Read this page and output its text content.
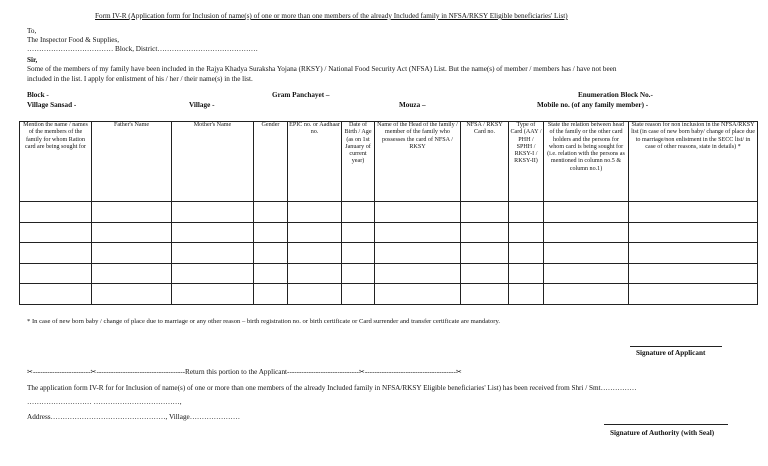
Form IV-R (Application form for Inclusion of name(s) of one or more than one members of the already Included family in NFSA/RKSY Eligible beneficiaries' List)
To,
The Inspector Food & Supplies,
……………………………… Block, District……………………………………
Sir,
Some of the members of my family have been included in the Rajya Khadya Suraksha Yojana (RKSY) / National Food Security Act (NFSA) List. But the name(s) of member / members has / have not been
included in the list. I apply for enlistment of his / her / their name(s) in the list.
Block -	Gram Panchayet –	Enumeration Block No.-
Village Sansad -	Village -	Mouza –	Mobile no. (of any family member) -
Mention the name / names of the members of the family for whom Ration card are being sought for	Father's Name	Mother's Name	Gender	EPIC no. or Aadhaar no.	Date of Birth / Age (as on 1st January of current year)	Name of the Head of the family / member of the family who possesses the card of NFSA / RKSY	NFSA / RKSY Card no.	Type of Card (AAY / PHH / SPHH / RKSY-I / RKSY-II)	State the relation between head of the family or the other card holders and the persons for whom card is being sought for (i.e. relation with the persons as mentioned in column no.5 & column no.1)	State reason for non inclusion in the NFSA/RKSY list (in case of new born baby/ change of place due to marriage/non enlistment in the SECC list/ in case of other reasons, state in details) *

* In case of new born baby / change of place due to marriage or any other reason – birth registration no. or birth certificate or Card surrender and transfer certificate are mandatory.
Signature of Applicant
✂------------------------✂-------------------------------------Return this portion to the Applicant------------------------------✂--------------------------------------✂
The application form IV-R for for Inclusion of name(s) of one or more than one members of the already Included family in NFSA/RKSY Eligible beneficiaries' List) has been received from Shri / Smt……………
……………………… ………………………………,
Address…………………………………………, Village…………………
Signature of Authority (with Seal)
